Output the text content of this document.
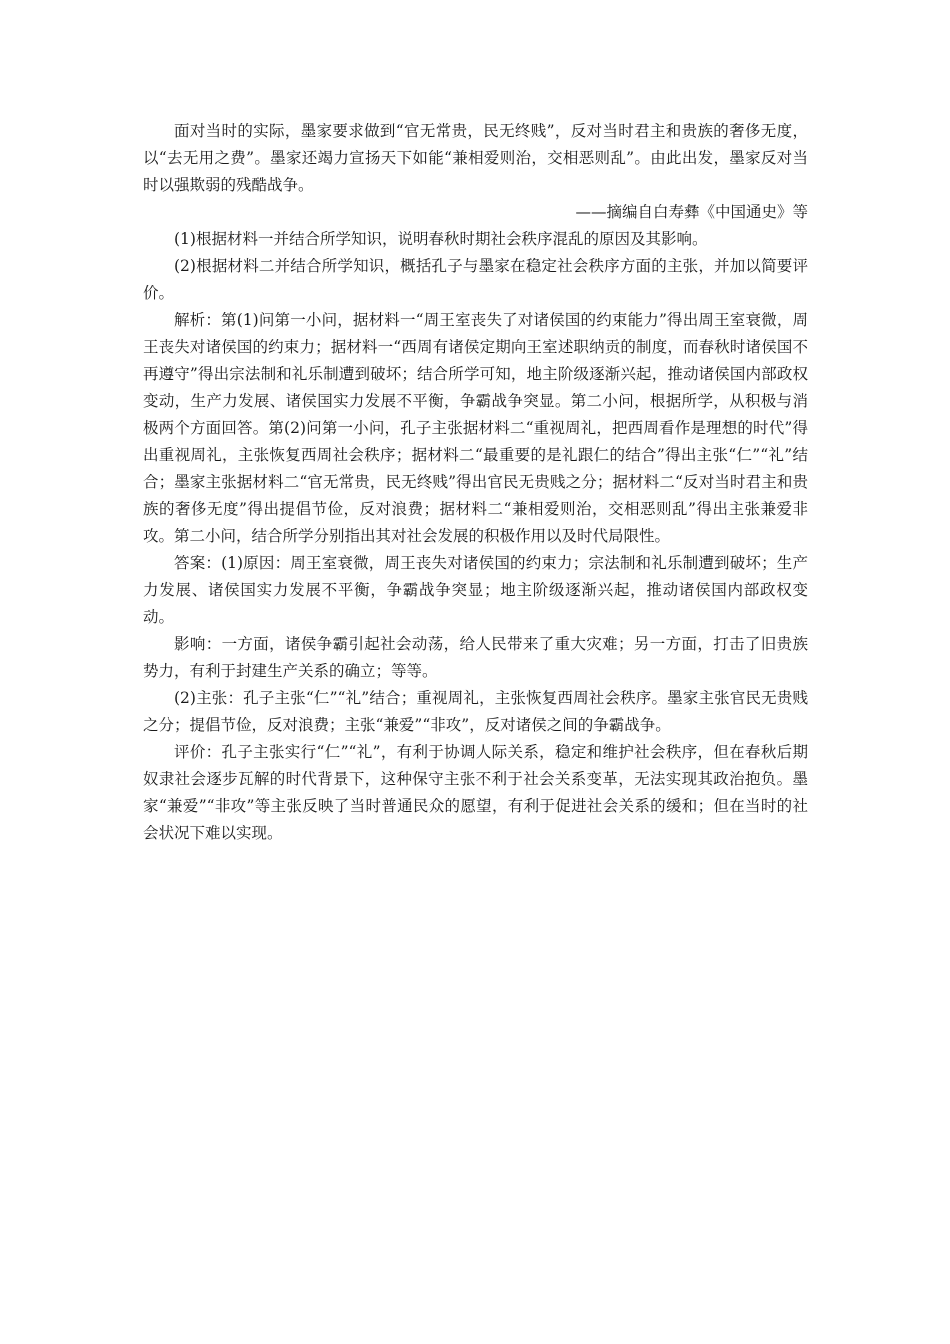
面对当时的实际，墨家要求做到“官无常贵，民无终贱”，反对当时君主和贵族的奢侈无度，以“去无用之费”。墨家还竭力宣扬天下如能“兼相爱则治，交相恶则乱”。由此出发，墨家反对当时以强欺弱的残酷战争。

——摘编自白寿彝《中国通史》等

(1)根据材料一并结合所学知识，说明春秋时期社会秩序混乱的原因及其影响。

(2)根据材料二并结合所学知识，概括孔子与墨家在稳定社会秩序方面的主张，并加以简要评价。

解析：第(1)问第一小问，据材料一“周王室丧失了对诸侯国的约束能力”得出周王室衰微，周王丧失对诸侯国的约束力；据材料一“西周有诸侯定期向王室述职纳贡的制度，而春秋时诸侯国不再遵守”得出宗法制和礼乐制遭到破坏；结合所学可知，地主阶级逐渐兴起，推动诸侯国内部政权变动，生产力发展、诸侯国实力发展不平衡，争霸战争突显。第二小问，根据所学，从积极与消极两个方面回答。第(2)问第一小问，孔子主张据材料二“重视周礼，把西周看作是理想的时代”得出重视周礼，主张恢复西周社会秩序；据材料二“最重要的是礼跟仁的结合”得出主张“仁”“礼”结合；墨家主张据材料二“官无常贵，民无终贱”得出官民无贵贱之分；据材料二“反对当时君主和贵族的奢侈无度”得出提倡节俭，反对浪费；据材料二“兼相爱则治，交相恶则乱”得出主张兼爱非攻。第二小问，结合所学分别指出其对社会发展的积极作用以及时代局限性。

答案：(1)原因：周王室衰微，周王丧失对诸侯国的约束力；宗法制和礼乐制遭到破坏；生产力发展、诸侯国实力发展不平衡，争霸战争突显；地主阶级逐渐兴起，推动诸侯国内部政权变动。

影响：一方面，诸侯争霸引起社会动荡，给人民带来了重大灾难；另一方面，打击了旧贵族势力，有利于封建生产关系的确立；等等。

(2)主张：孔子主张“仁”“礼”结合；重视周礼，主张恢复西周社会秩序。墨家主张官民无贵贱之分；提倡节俭，反对浪费；主张“兼爱”“非攻”，反对诸侯之间的争霸战争。

评价：孔子主张实行“仁”“礼”，有利于协调人际关系，稳定和维护社会秩序，但在春秋后期奴隶社会逐步瓦解的时代背景下，这种保守主张不利于社会关系变革，无法实现其政治抱负。墨家“兼爱”“非攻”等主张反映了当时普通民众的愿望，有利于促进社会关系的缓和；但在当时的社会状况下难以实现。
